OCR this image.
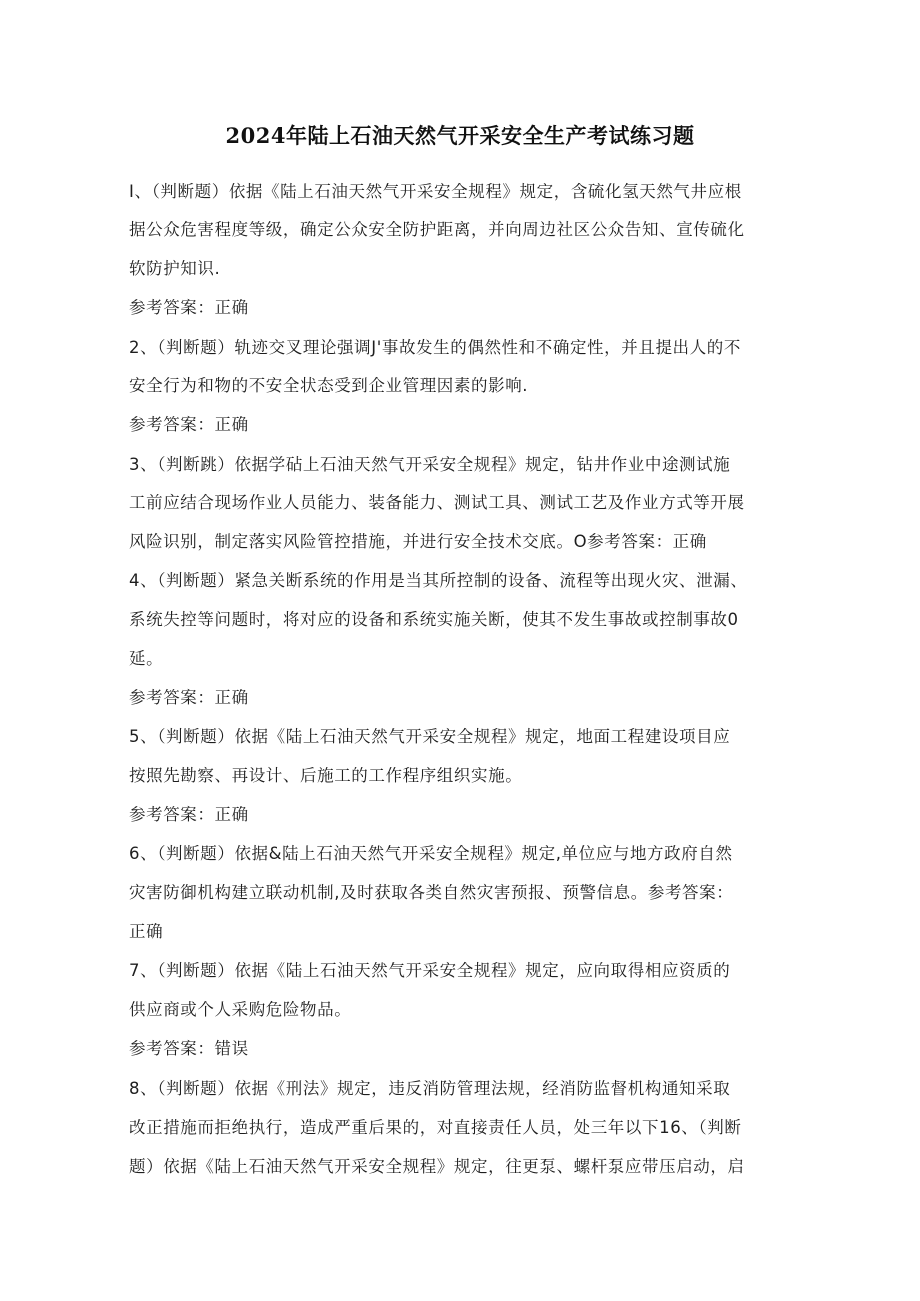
2024年陆上石油天然气开采安全生产考试练习题
I、（判断题）依据《陆上石油天然气开采安全规程》规定，含硫化氢天然气井应根
据公众危害程度等级，确定公众安全防护距离，并向周边社区公众告知、宣传硫化
软防护知识.
参考答案：正确
2、（判断题）轨迹交叉理论强调J'事故发生的偶然性和不确定性，并且提出人的不
安全行为和物的不安全状态受到企业管理因素的影响.
参考答案：正确
3、（判断跳）依据学砧上石油天然气开采安全规程》规定，钻井作业中途测试施
工前应结合现场作业人员能力、装备能力、测试工具、测试工艺及作业方式等开展
风险识别，制定落实风险管控措施，并进行安全技术交底。O参考答案：正确
4、（判断题）紧急关断系统的作用是当其所控制的设备、流程等出现火灾、泄漏、
系统失控等问题时，将对应的设备和系统实施关断，使其不发生事故或控制事故0
延。
参考答案：正确
5、（判断题）依据《陆上石油天然气开采安全规程》规定，地面工程建设项目应
按照先勘察、再设计、后施工的工作程序组织实施。
参考答案：正确
6、（判断题）依据&陆上石油天然气开采安全规程》规定,单位应与地方政府自然
灾害防御机构建立联动机制,及时获取各类自然灾害预报、预警信息。参考答案：
正确
7、（判断题）依据《陆上石油天然气开采安全规程》规定，应向取得相应资质的
供应商或个人采购危险物品。
参考答案：错误
8、（判断题）依据《刑法》规定，违反消防管理法规，经消防监督机构通知采取
改正措施而拒绝执行，造成严重后果的，对直接责任人员，处三年以下16、（判断
题）依据《陆上石油天然气开采安全规程》规定，往更泵、螺杆泵应带压启动，启
